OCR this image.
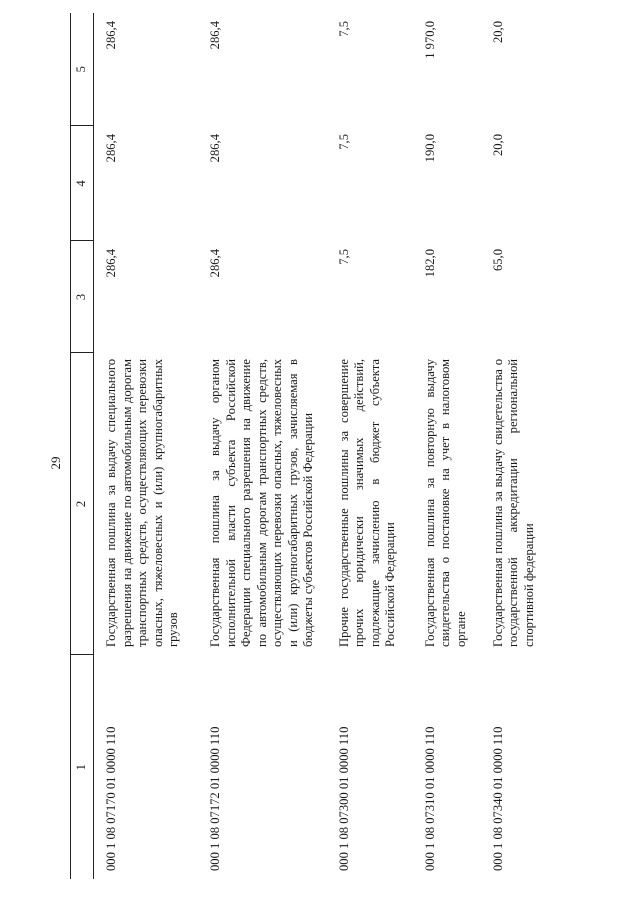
29
1	2	3	4	5
000 1 08 07170 01 0000 110	Государственная пошлина за выдачу специального разрешения на движение по автомобильным дорогам транспортных средств, осуществляющих перевозки опасных, тяжеловесных и (или) крупногабаритных грузов	286,4	286,4	286,4
000 1 08 07172 01 0000 110	Государственная пошлина за выдачу органом исполнительной власти субъекта Российской Федерации специального разрешения на движение по автомобильным дорогам транспортных средств, осуществляющих перевозки опасных, тяжеловесных и (или) крупногабаритных грузов, зачисляемая в бюджеты субъектов Российской Федерации	286,4	286,4	286,4
000 1 08 07300 01 0000 110	Прочие государственные пошлины за совершение прочих юридически значимых действий, подлежащие зачислению в бюджет субъекта Российской Федерации	7,5	7,5	7,5
000 1 08 07310 01 0000 110	Государственная пошлина за повторную выдачу свидетельства о постановке на учет в налоговом органе	182,0	190,0	1 970,0
000 1 08 07340 01 0000 110	Государственная пошлина за выдачу свидетельства о государственной аккредитации региональной спортивной федерации	65,0	20,0	20,0
